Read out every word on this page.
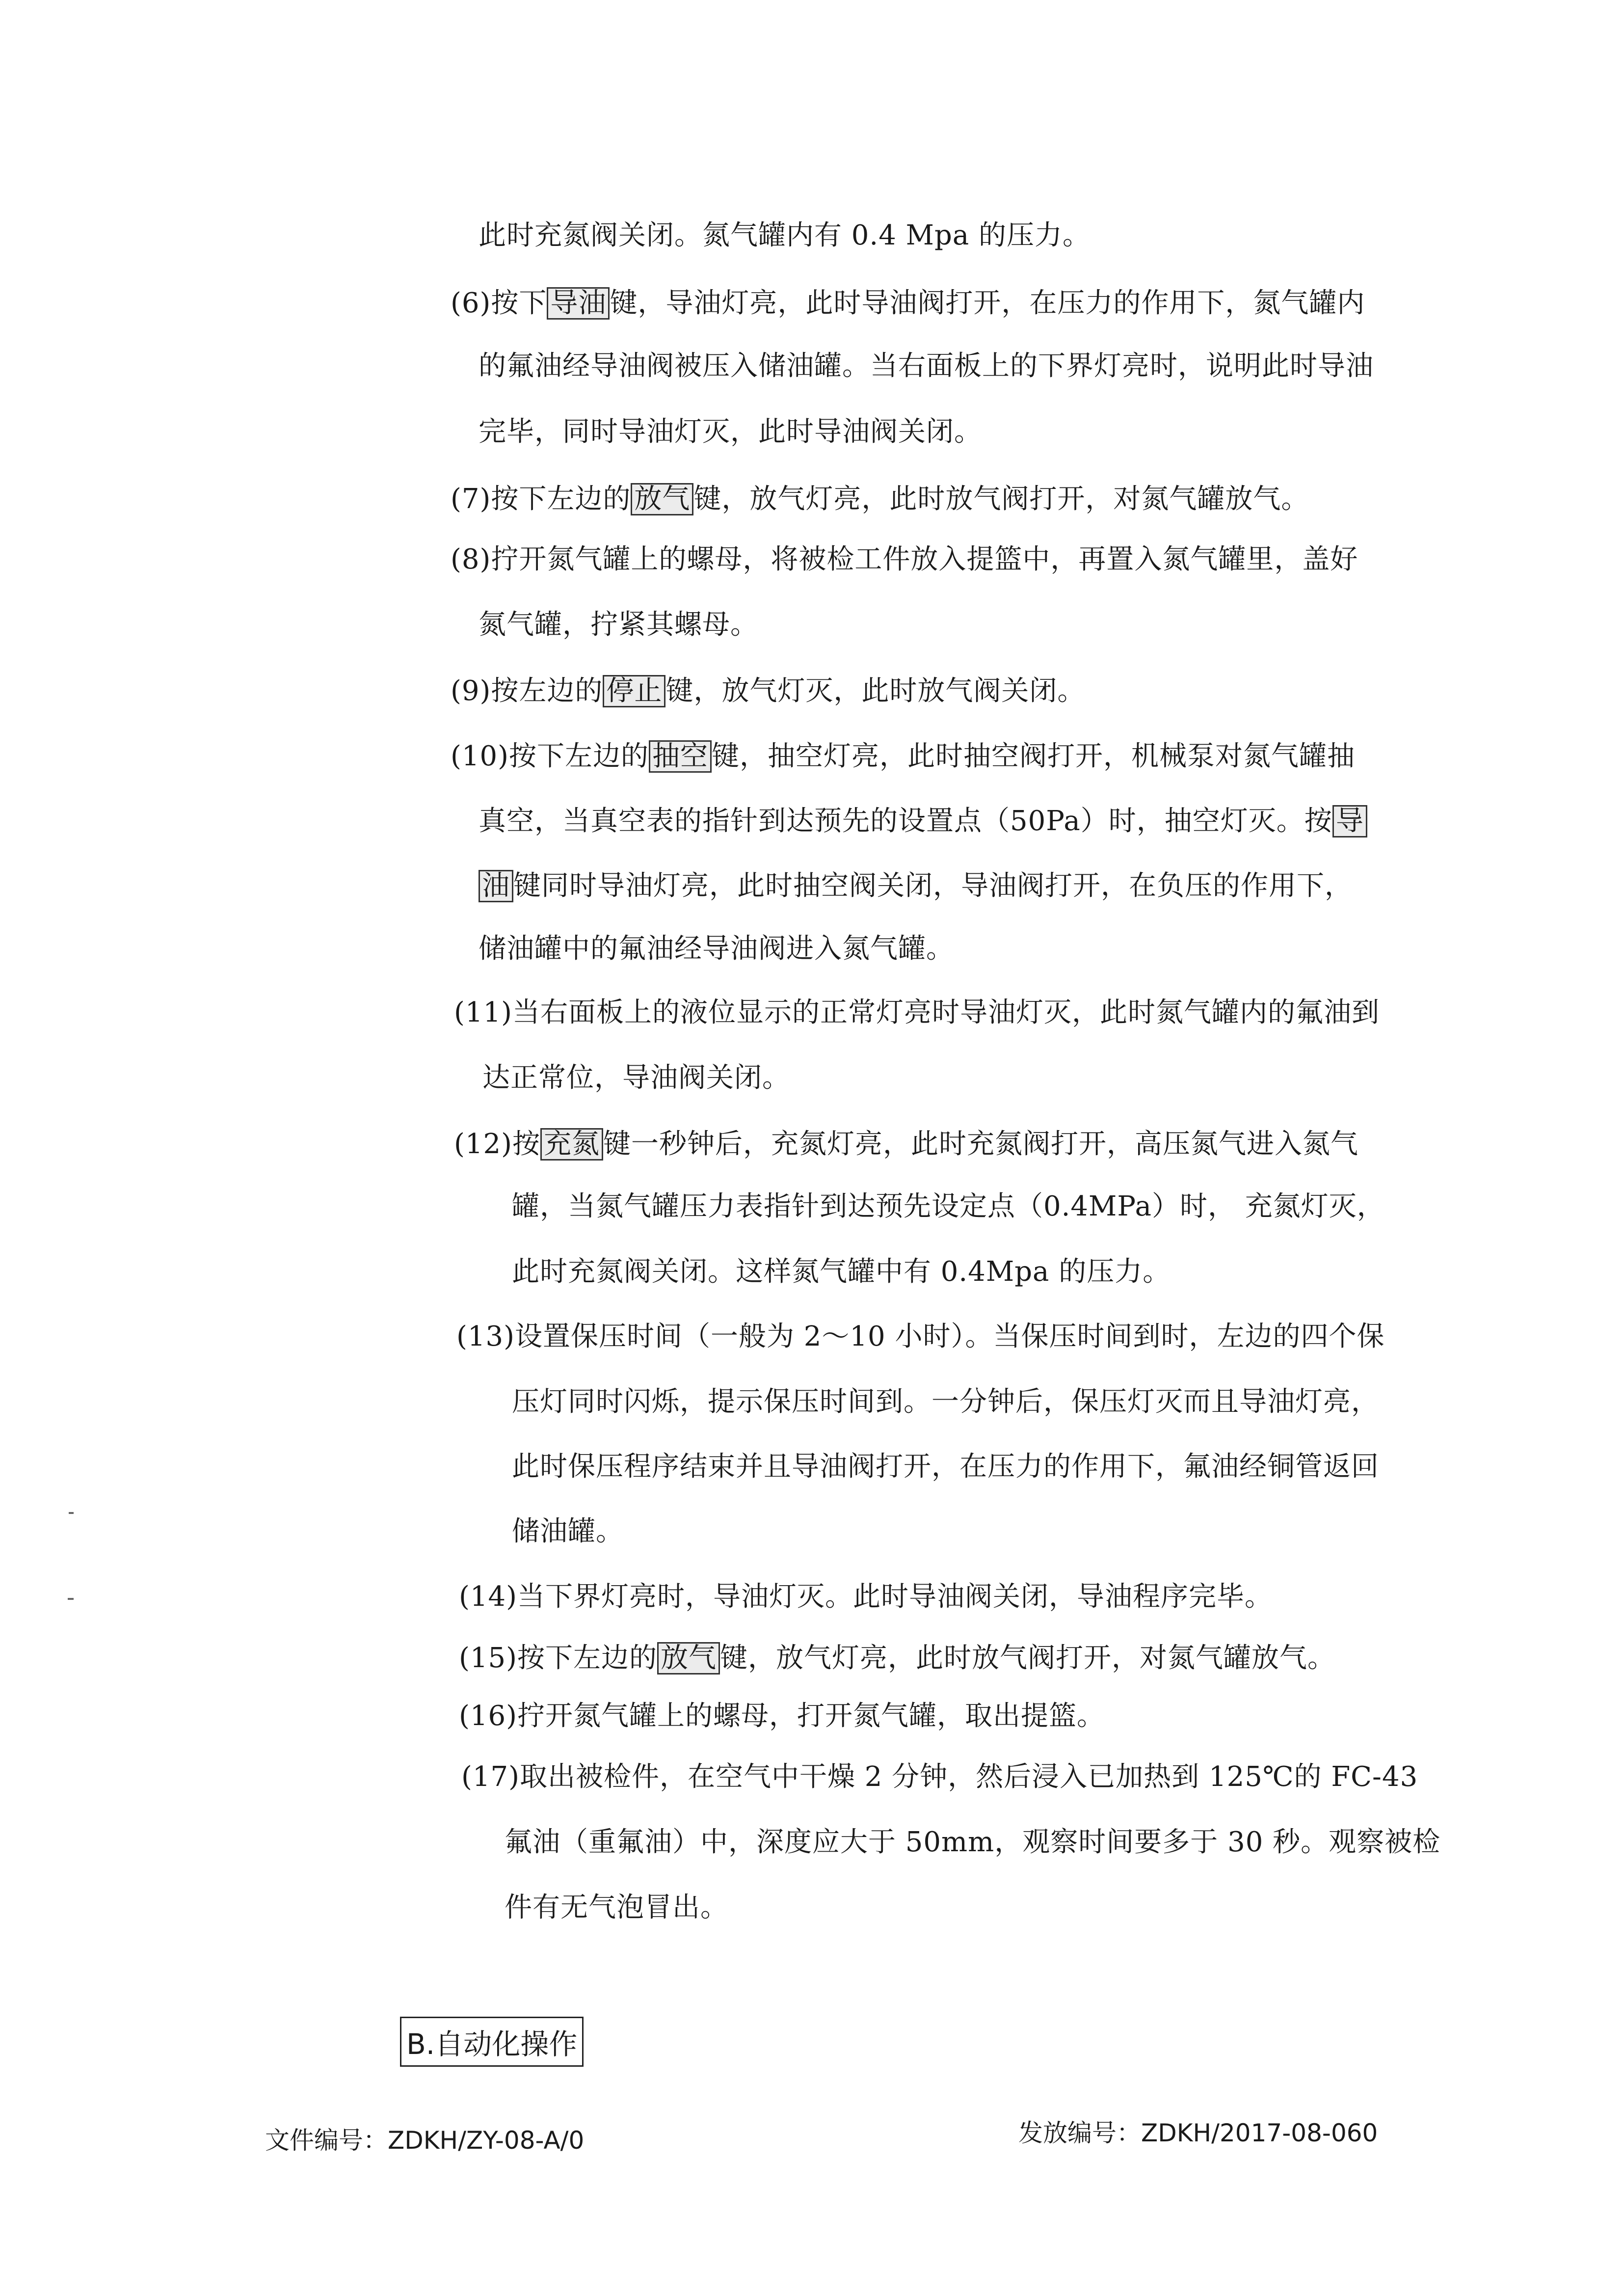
此时充氮阀关闭。氮气罐内有 0.4 Mpa 的压力。
(6)按下 导油 键，导油灯亮，此时导油阀打开，在压力的作用下，氮气罐内
的氟油经导油阀被压入储油罐。当右面板上的下界灯亮时，说明此时导油
完毕，同时导油灯灭，此时导油阀关闭。
(7)按下左边的 放气 键，放气灯亮，此时放气阀打开，对氮气罐放气。
(8)拧开氮气罐上的螺母，将被检工件放入提篮中，再置入氮气罐里，盖好
氮气罐，拧紧其螺母。
(9)按左边的 停止 键，放气灯灭，此时放气阀关闭。
(10)按下左边的 抽空 键，抽空灯亮，此时抽空阀打开，机械泵对氮气罐抽
真空，当真空表的指针到达预先的设置点（50Pa）时，抽空灯灭。按 导
油 键同时导油灯亮，此时抽空阀关闭，导油阀打开，在负压的作用下，
储油罐中的氟油经导油阀进入氮气罐。
(11)当右面板上的液位显示的正常灯亮时导油灯灭，此时氮气罐内的氟油到
达正常位，导油阀关闭。
(12)按 充氮 键一秒钟后，充氮灯亮，此时充氮阀打开，高压氮气进入氮气
罐，当氮气罐压力表指针到达预先设定点（0.4MPa）时， 充氮灯灭，
此时充氮阀关闭。这样氮气罐中有 0.4Mpa 的压力。
(13)设置保压时间（一般为 2～10 小时）。当保压时间到时，左边的四个保
压灯同时闪烁，提示保压时间到。一分钟后，保压灯灭而且导油灯亮，
此时保压程序结束并且导油阀打开，在压力的作用下，氟油经铜管返回
储油罐。
(14)当下界灯亮时，导油灯灭。此时导油阀关闭，导油程序完毕。
(15)按下左边的 放气 键，放气灯亮，此时放气阀打开，对氮气罐放气。
(16)拧开氮气罐上的螺母，打开氮气罐，取出提篮。
(17)取出被检件，在空气中干燥 2 分钟，然后浸入已加热到 125℃的 FC-43
氟油（重氟油）中，深度应大于 50mm，观察时间要多于 30 秒。观察被检
件有无气泡冒出。
B.自动化操作
文件编号：ZDKH/ZY-08-A/0	发放编号：ZDKH/2017-08-060
